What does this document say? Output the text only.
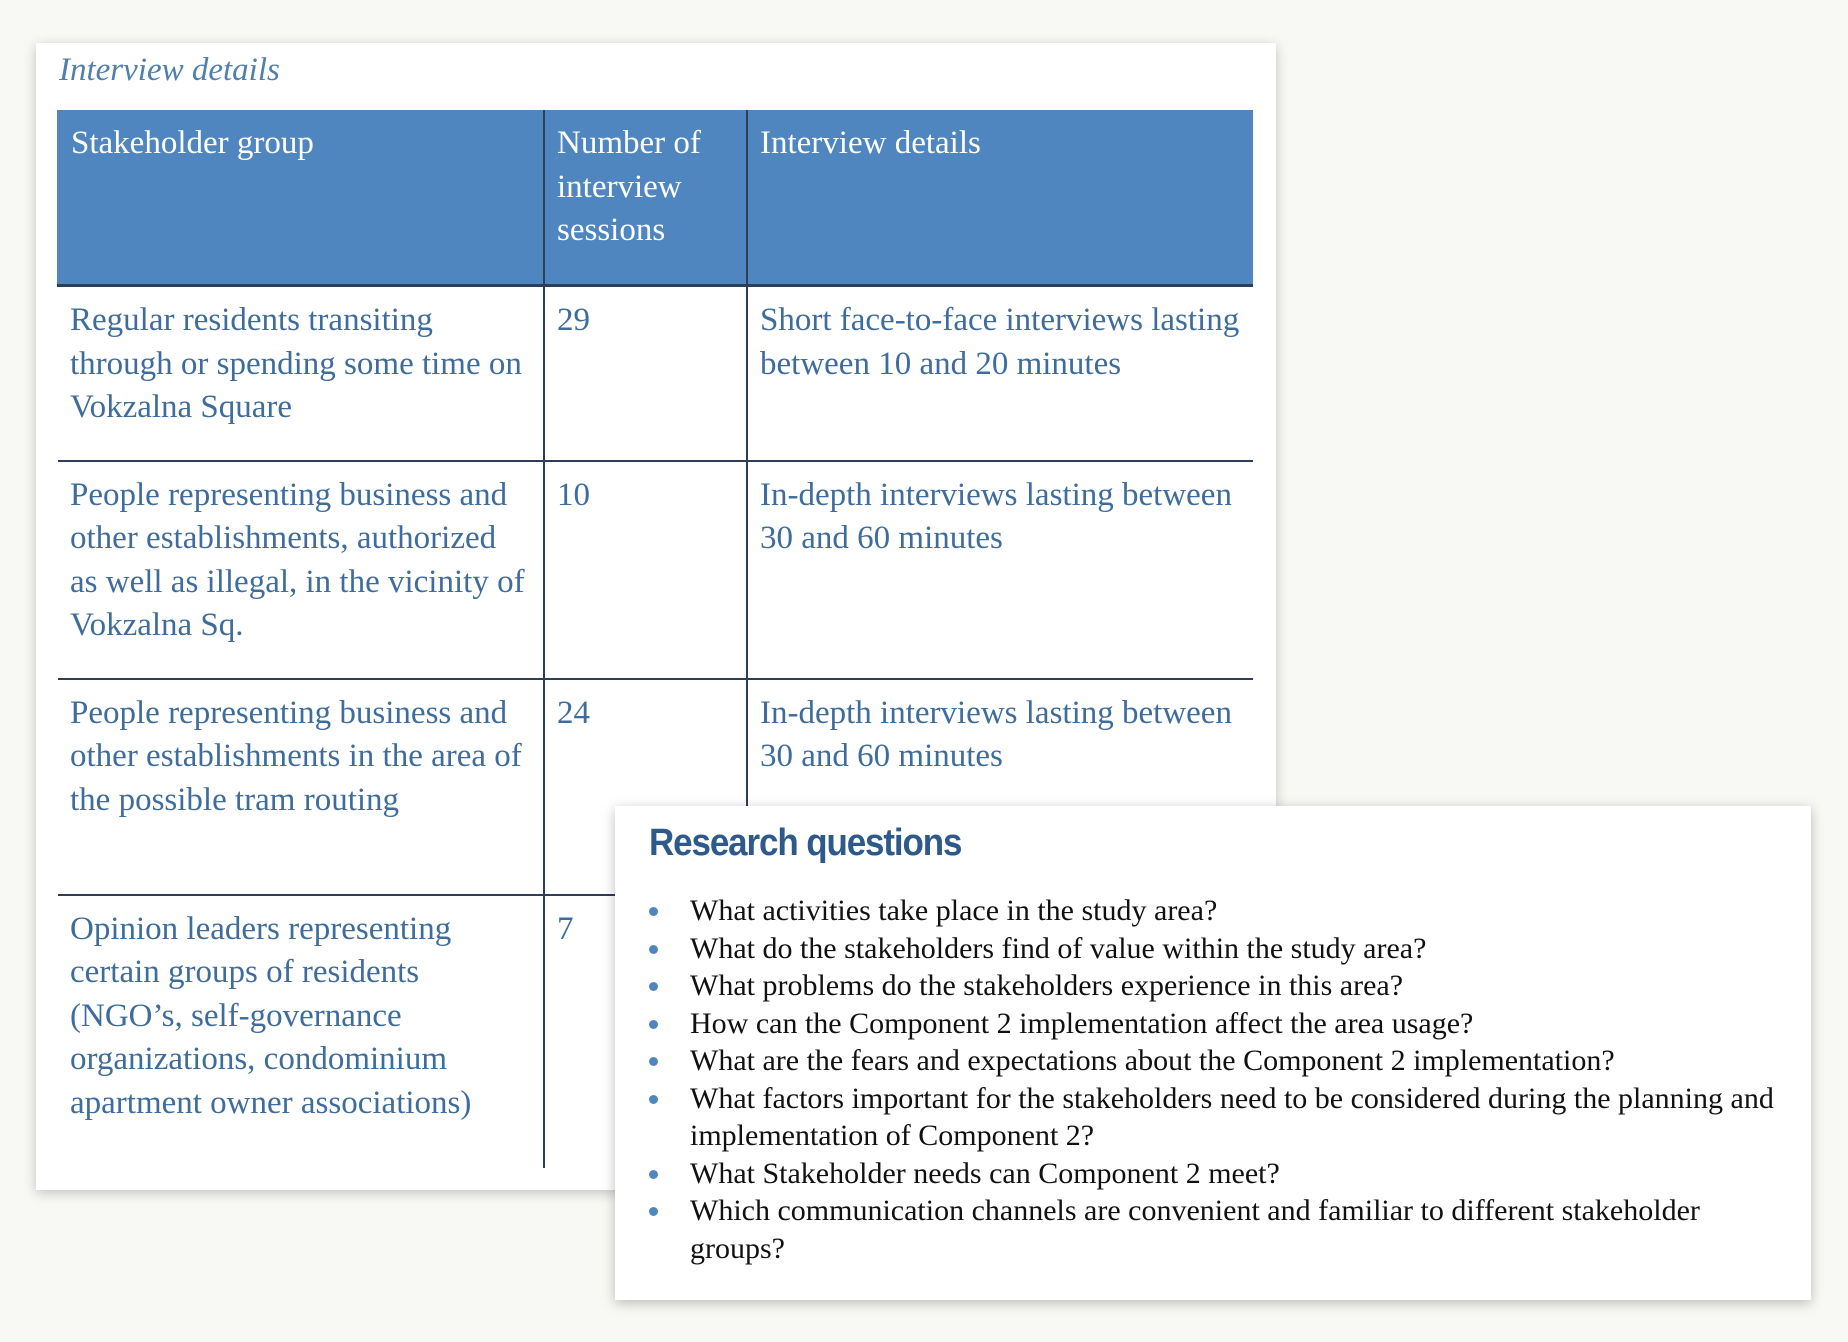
Interview details

Stakeholder group	Number of interview sessions	Interview details
Regular residents transiting through or spending some time on Vokzalna Square	29	Short face-to-face interviews lasting between 10 and 20 minutes
People representing business and other establishments, authorized as well as illegal, in the vicinity of Vokzalna Sq.	10	In-depth interviews lasting between 30 and 60 minutes
People representing business and other establishments in the area of the possible tram routing	24	In-depth interviews lasting between 30 and 60 minutes
Opinion leaders representing certain groups of residents (NGO’s, self-governance organizations, condominium apartment owner associations)	7	
Research questions
What activities take place in the study area?
What do the stakeholders find of value within the study area?
What problems do the stakeholders experience in this area?
How can the Component 2 implementation affect the area usage?
What are the fears and expectations about the Component 2 implementation?
What factors important for the stakeholders need to be considered during the planning and implementation of Component 2?
What Stakeholder needs can Component 2 meet?
Which communication channels are convenient and familiar to different stakeholder groups?
